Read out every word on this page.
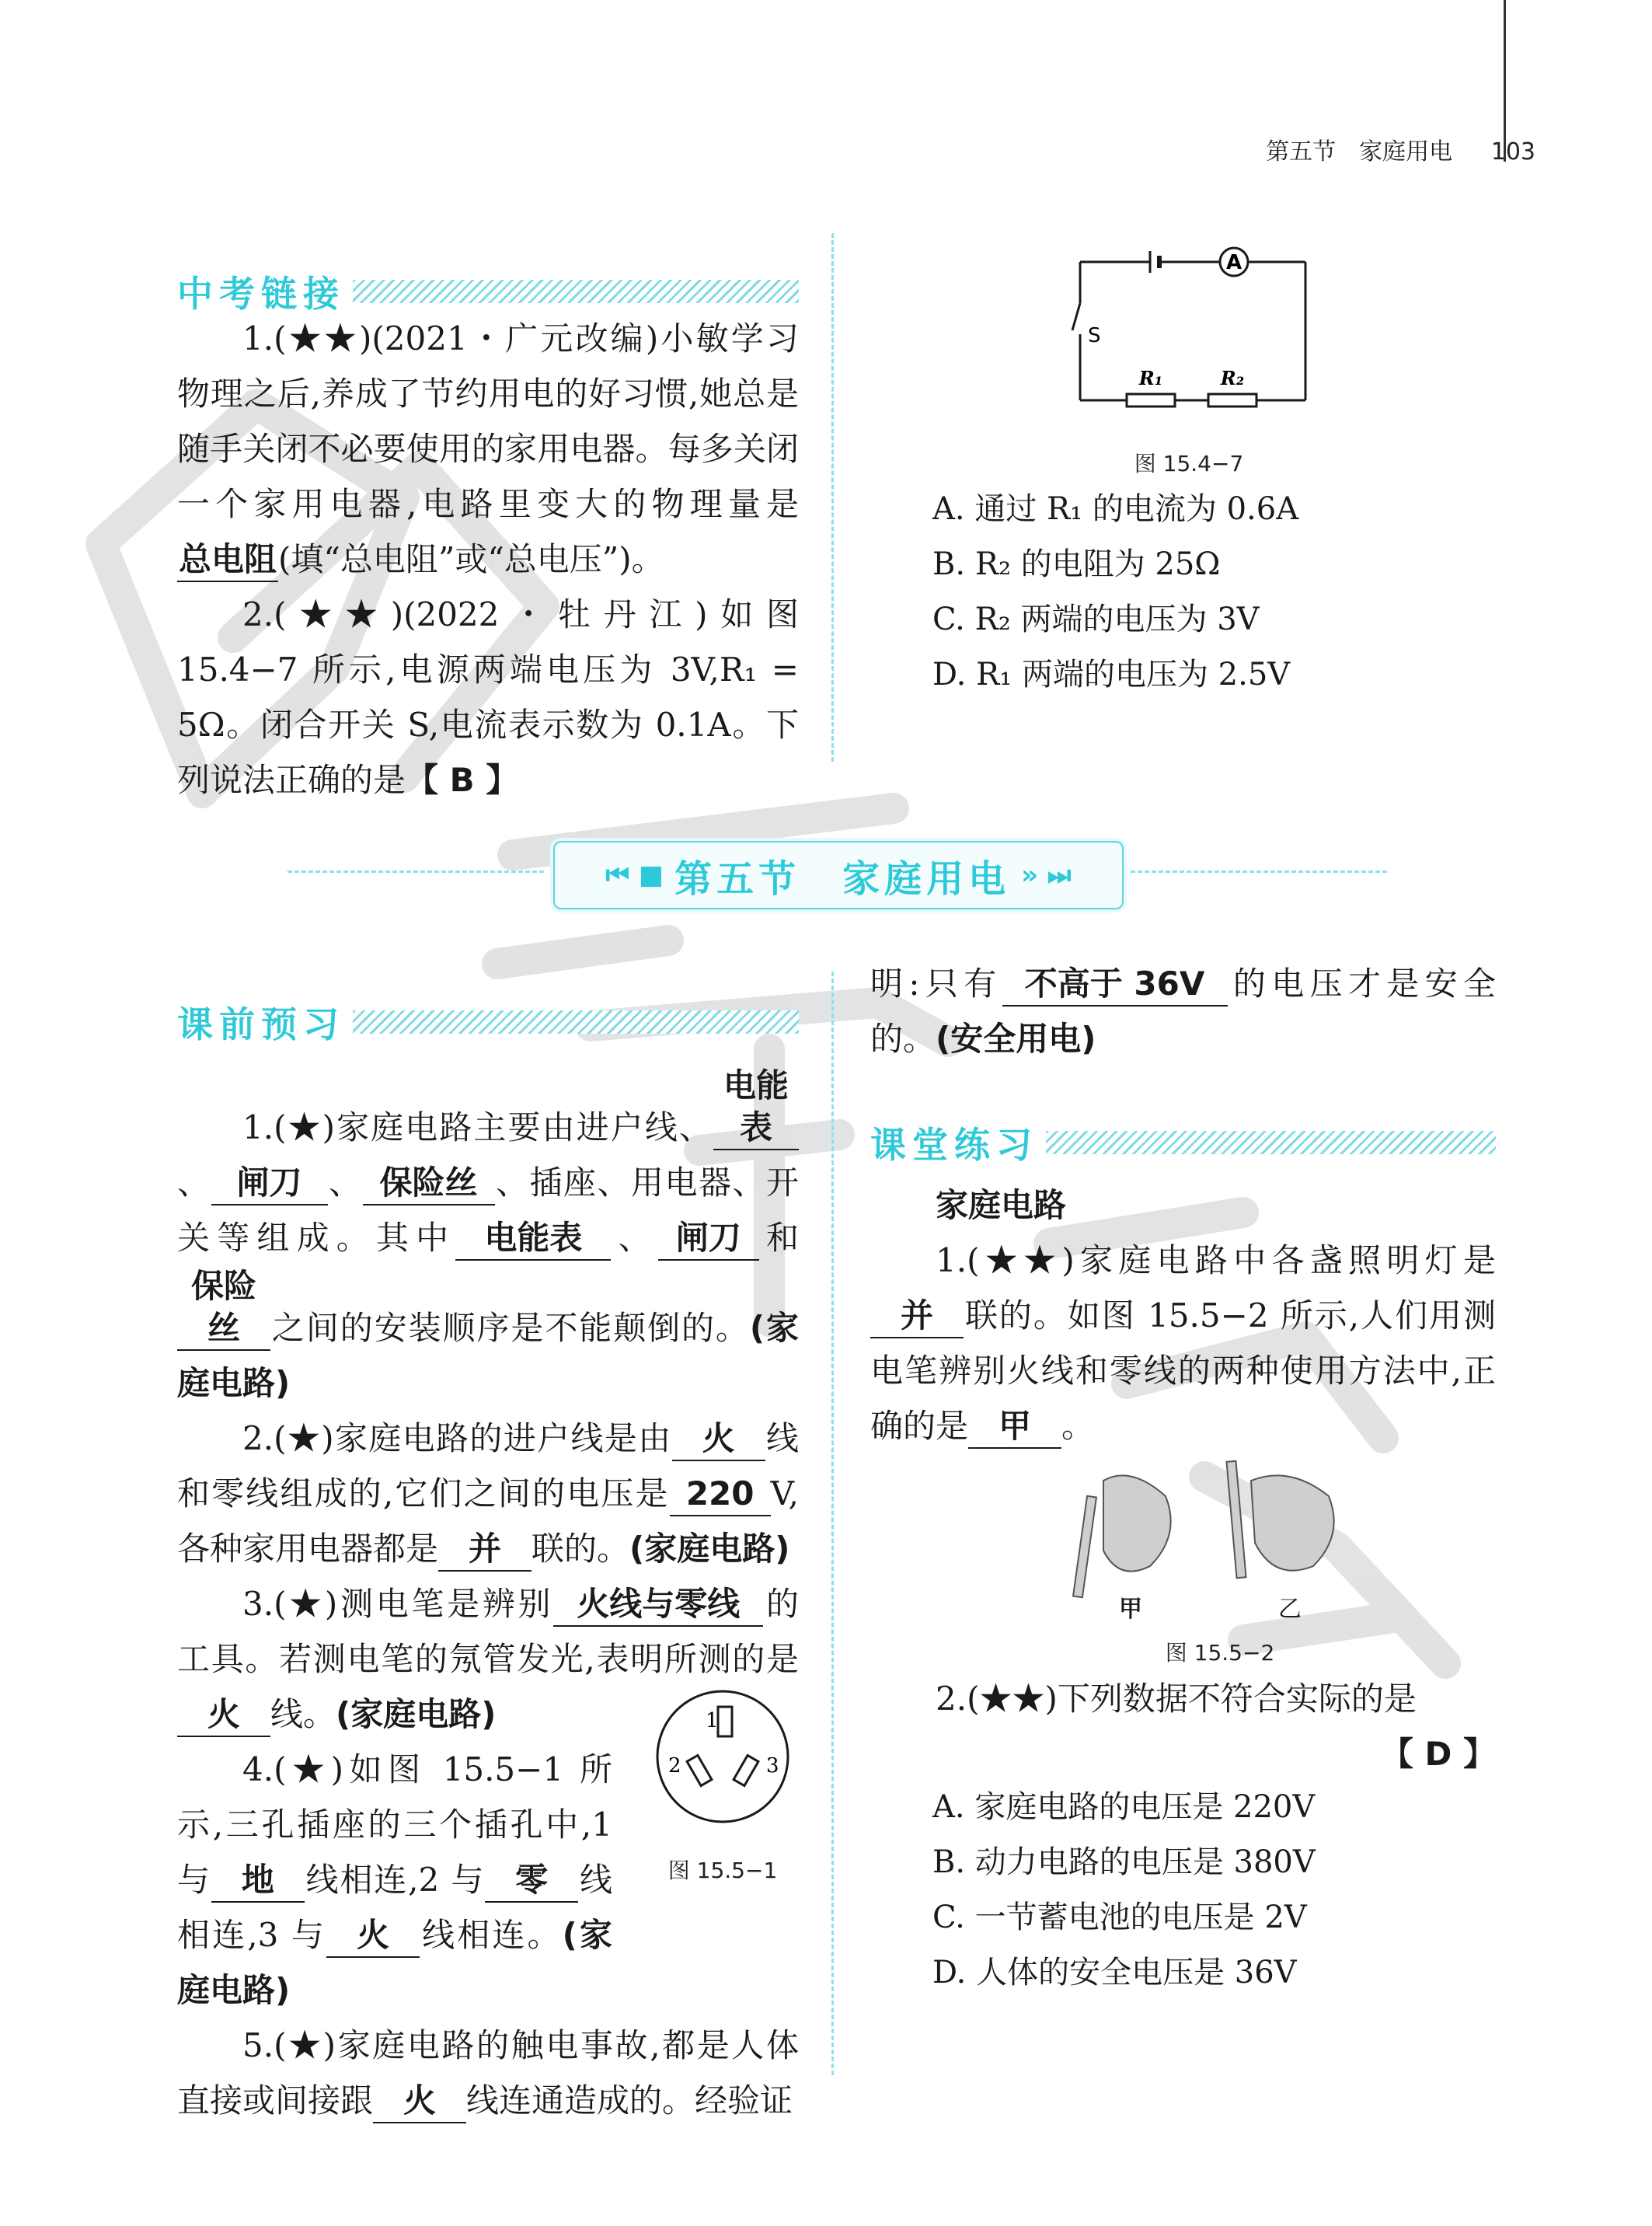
第五节　家庭用电 103
中考链接

1.(★★)(2021・广元改编)小敏学习物理之后,养成了节约用电的好习惯,她总是随手关闭不必要使用的家用电器。每多关闭一个家用电器,电路里变大的物理量是总电阻(填“总电阻”或“总电压”)。

2.(★★)(2022・牡丹江)如图 15.4−7 所示,电源两端电压为 3V,R₁ = 5Ω。闭合开关 S,电流表示数为 0.1A。下列说法正确的是【 B 】

A
S
R₁	R₂
图 15.4−7

A. 通过 R₁ 的电流为 0.6A

B. R₂ 的电阻为 25Ω

C. R₂ 两端的电压为 3V

D. R₁ 两端的电压为 2.5V

⏮ ■ 第五节　家庭用电 » ⏭
课前预习

1.(★)家庭电路主要由进户线、电能表、 闸刀 、 保险丝 、插座、用电器、开关等组成。其中 电能表 、 闸刀 和保险丝 之间的安装顺序是不能颠倒的。(家庭电路)

2.(★)家庭电路的进户线是由 火 线和零线组成的,它们之间的电压是 220 V,各种家用电器都是 并 联的。(家庭电路)

3.(★)测电笔是辨别 火线与零线 的工具。若测电笔的氖管发光,表明所测的是火 线。(家庭电路)

4.(★)如图 15.5−1 所示,三孔插座的三个插孔中,1 与 地 线相连,2 与 零 线相连,3 与 火 线相连。(家庭电路)

5.(★)家庭电路的触电事故,都是人体直接或间接跟 火 线连通造成的。经验证

1
2	3
图 15.5−1

明:只有 不高于 36V 的电压才是安全的。(安全用电)

课堂练习

家庭电路

1.(★★)家庭电路中各盏照明灯是并 联的。如图 15.5−2 所示,人们用测电笔辨别火线和零线的两种使用方法中,正确的是 甲 。

甲	乙
图 15.5−2

2.(★★)下列数据不符合实际的是

【 D 】

A. 家庭电路的电压是 220V

B. 动力电路的电压是 380V

C. 一节蓄电池的电压是 2V

D. 人体的安全电压是 36V
